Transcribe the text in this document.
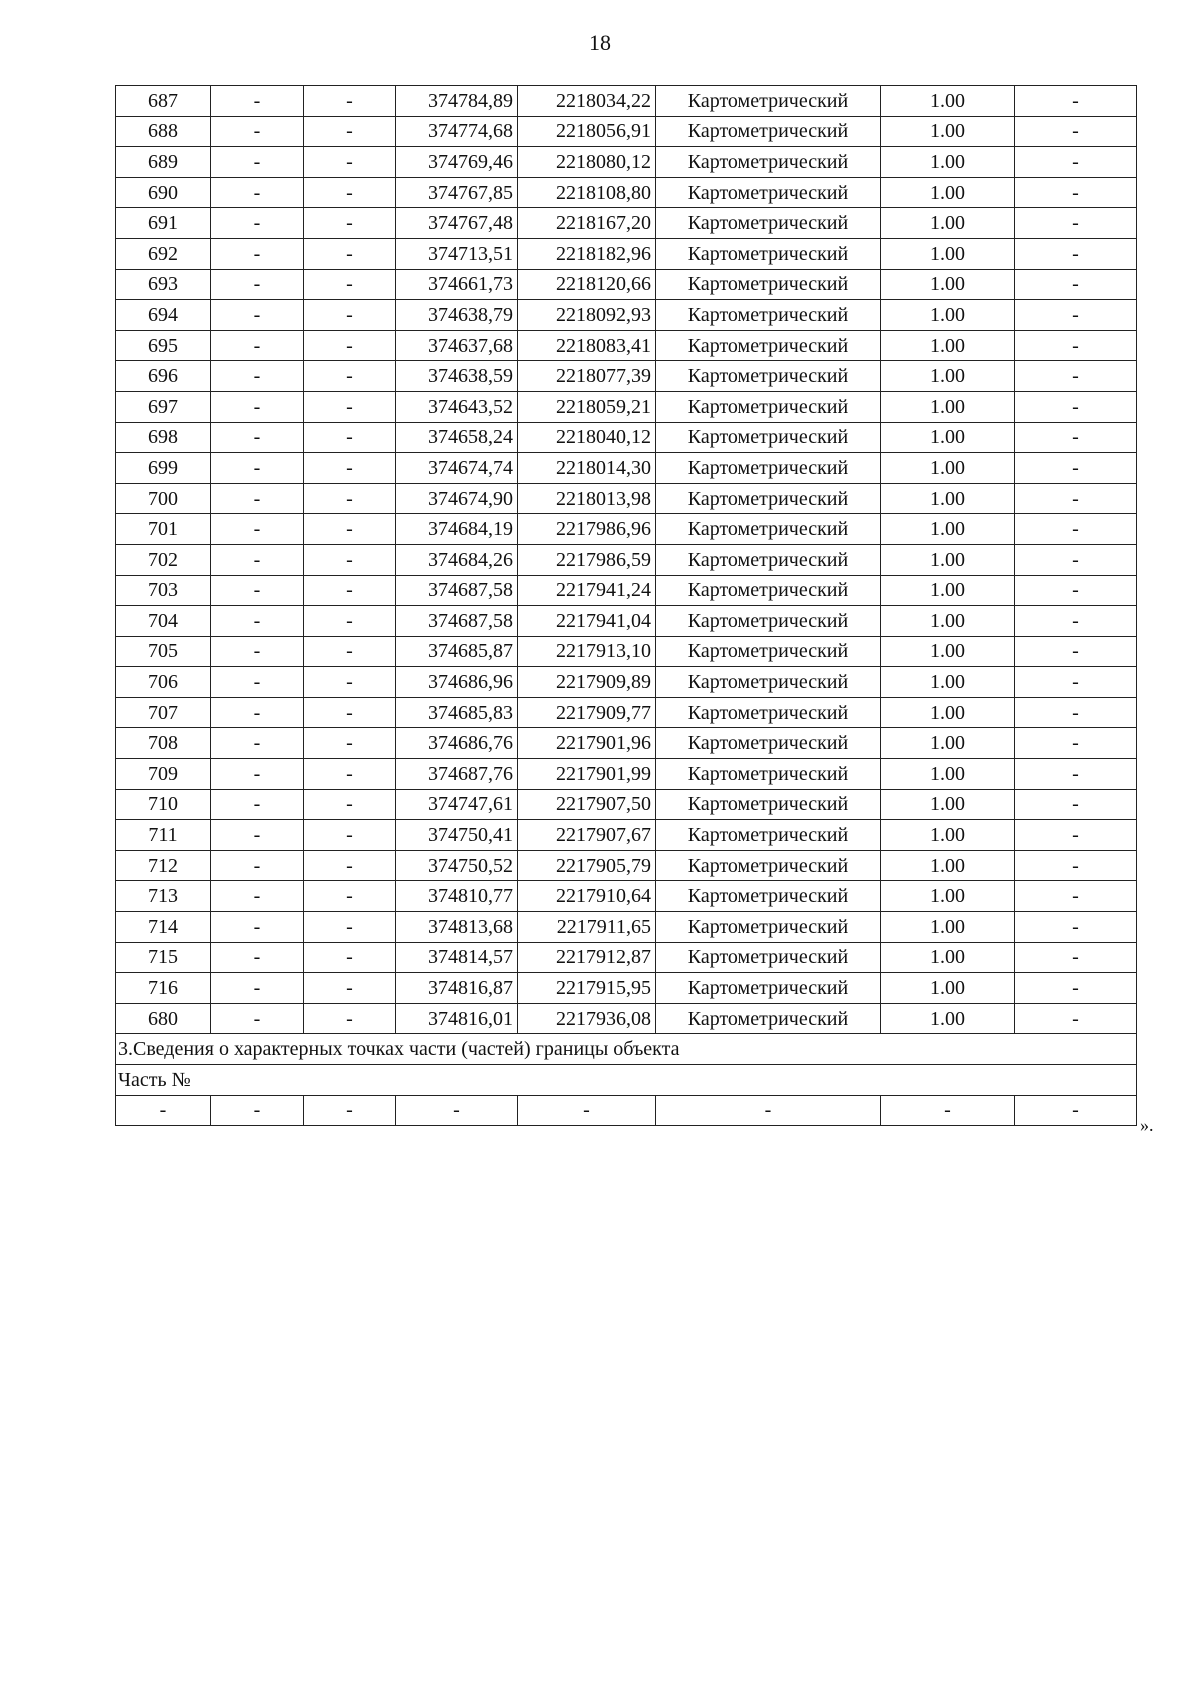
18
687	-	-	374784,89	2218034,22	Картометрический	1.00	-
688	-	-	374774,68	2218056,91	Картометрический	1.00	-
689	-	-	374769,46	2218080,12	Картометрический	1.00	-
690	-	-	374767,85	2218108,80	Картометрический	1.00	-
691	-	-	374767,48	2218167,20	Картометрический	1.00	-
692	-	-	374713,51	2218182,96	Картометрический	1.00	-
693	-	-	374661,73	2218120,66	Картометрический	1.00	-
694	-	-	374638,79	2218092,93	Картометрический	1.00	-
695	-	-	374637,68	2218083,41	Картометрический	1.00	-
696	-	-	374638,59	2218077,39	Картометрический	1.00	-
697	-	-	374643,52	2218059,21	Картометрический	1.00	-
698	-	-	374658,24	2218040,12	Картометрический	1.00	-
699	-	-	374674,74	2218014,30	Картометрический	1.00	-
700	-	-	374674,90	2218013,98	Картометрический	1.00	-
701	-	-	374684,19	2217986,96	Картометрический	1.00	-
702	-	-	374684,26	2217986,59	Картометрический	1.00	-
703	-	-	374687,58	2217941,24	Картометрический	1.00	-
704	-	-	374687,58	2217941,04	Картометрический	1.00	-
705	-	-	374685,87	2217913,10	Картометрический	1.00	-
706	-	-	374686,96	2217909,89	Картометрический	1.00	-
707	-	-	374685,83	2217909,77	Картометрический	1.00	-
708	-	-	374686,76	2217901,96	Картометрический	1.00	-
709	-	-	374687,76	2217901,99	Картометрический	1.00	-
710	-	-	374747,61	2217907,50	Картометрический	1.00	-
711	-	-	374750,41	2217907,67	Картометрический	1.00	-
712	-	-	374750,52	2217905,79	Картометрический	1.00	-
713	-	-	374810,77	2217910,64	Картометрический	1.00	-
714	-	-	374813,68	2217911,65	Картометрический	1.00	-
715	-	-	374814,57	2217912,87	Картометрический	1.00	-
716	-	-	374816,87	2217915,95	Картометрический	1.00	-
680	-	-	374816,01	2217936,08	Картометрический	1.00	-
3.Сведения о характерных точках части (частей) границы объекта							
Часть №							
-	-	-	-	-	-	-	-
».
